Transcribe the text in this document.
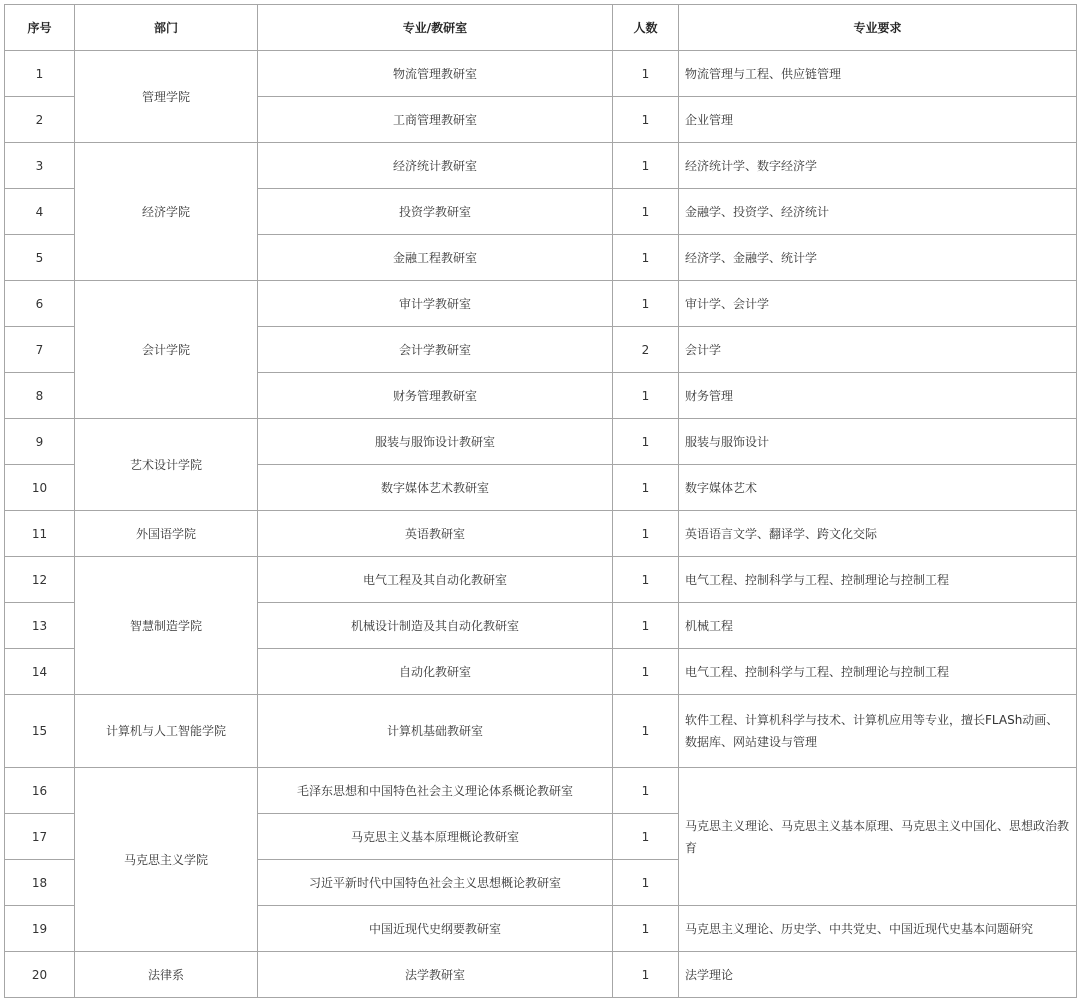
序号	部门	专业/教研室	人数	专业要求
1	管理学院	物流管理教研室	1	物流管理与工程、供应链管理
2		工商管理教研室	1	企业管理
3	经济学院	经济统计教研室	1	经济统计学、数字经济学
4		投资学教研室	1	金融学、投资学、经济统计
5		金融工程教研室	1	经济学、金融学、统计学
6	会计学院	审计学教研室	1	审计学、会计学
7		会计学教研室	2	会计学
8		财务管理教研室	1	财务管理
9	艺术设计学院	服装与服饰设计教研室	1	服装与服饰设计
10		数字媒体艺术教研室	1	数字媒体艺术
11	外国语学院	英语教研室	1	英语语言文学、翻译学、跨文化交际
12	智慧制造学院	电气工程及其自动化教研室	1	电气工程、控制科学与工程、控制理论与控制工程
13		机械设计制造及其自动化教研室	1	机械工程
14		自动化教研室	1	电气工程、控制科学与工程、控制理论与控制工程
15	计算机与人工智能学院	计算机基础教研室	1	软件工程、计算机科学与技术、计算机应用等专业，擅长FLASh动画、数据库、网站建设与管理
16	马克思主义学院	毛泽东思想和中国特色社会主义理论体系概论教研室	1	马克思主义理论、马克思主义基本原理、马克思主义中国化、思想政治教育
17		马克思主义基本原理概论教研室	1	
18		习近平新时代中国特色社会主义思想概论教研室	1	
19		中国近现代史纲要教研室	1	马克思主义理论、历史学、中共党史、中国近现代史基本问题研究
20	法律系	法学教研室	1	法学理论
